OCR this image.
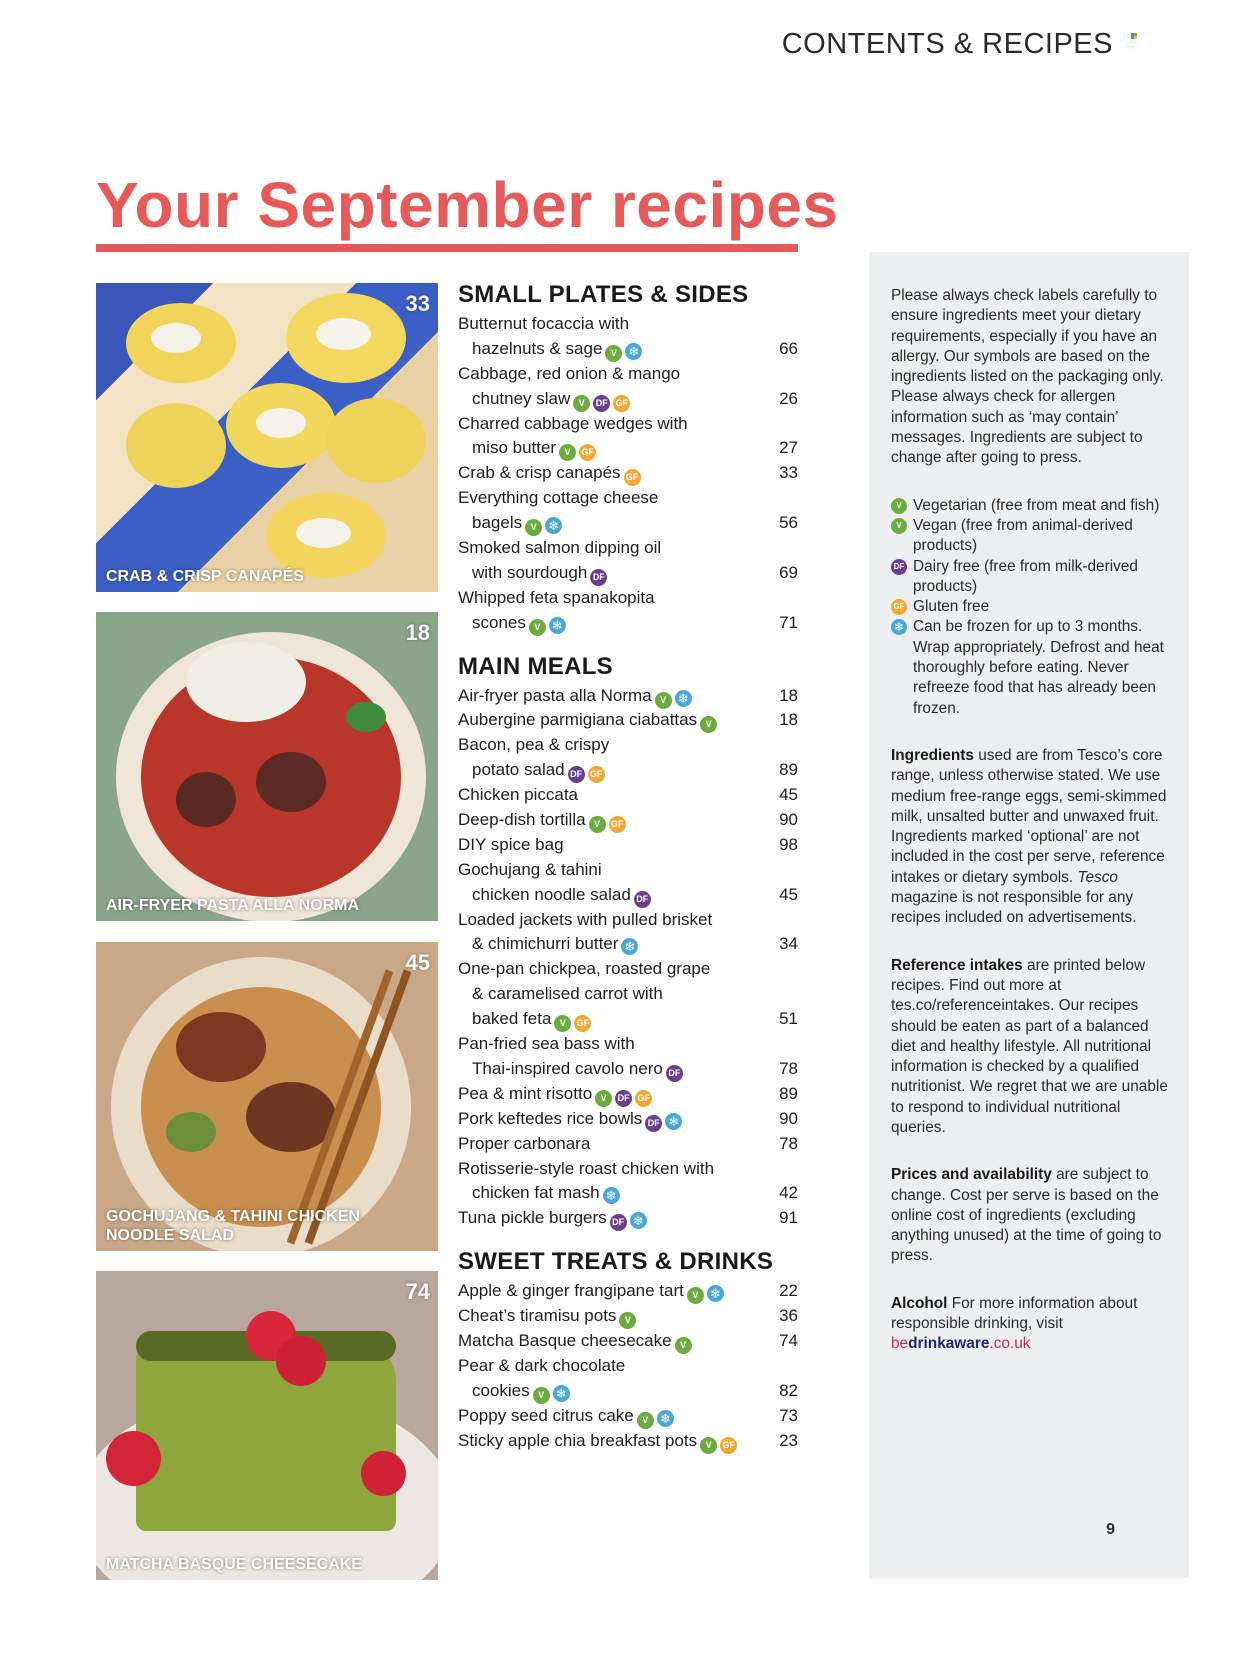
CONTENTS & RECIPES
Your September recipes
33
CRAB & CRISP CANAPÉS
18
AIR-FRYER PASTA ALLA NORMA
45
GOCHUJANG & TAHINI CHICKEN NOODLE SALAD
74
MATCHA BASQUE CHEESECAKE
SMALL PLATES & SIDES
Butternut focaccia with
hazelnuts & sage V ❄	66
Cabbage, red onion & mango
chutney slaw V DF GF	26
Charred cabbage wedges with
miso butter V GF	27
Crab & crisp canapés GF	33
Everything cottage cheese
bagels V ❄	56
Smoked salmon dipping oil
with sourdough DF	69
Whipped feta spanakopita
scones V ❄	71
MAIN MEALS
Air-fryer pasta alla Norma V ❄	18
Aubergine parmigiana ciabattas V	18
Bacon, pea & crispy
potato salad DF GF	89
Chicken piccata	45
Deep-dish tortilla V GF	90
DIY spice bag	98
Gochujang & tahini
chicken noodle salad DF	45
Loaded jackets with pulled brisket
& chimichurri butter ❄	34
One-pan chickpea, roasted grape
& caramelised carrot with
baked feta V GF	51
Pan-fried sea bass with
Thai-inspired cavolo nero DF	78
Pea & mint risotto V DF GF	89
Pork keftedes rice bowls DF ❄	90
Proper carbonara	78
Rotisserie-style roast chicken with
chicken fat mash ❄	42
Tuna pickle burgers DF ❄	91
SWEET TREATS & DRINKS
Apple & ginger frangipane tart V ❄	22
Cheat’s tiramisu pots V	36
Matcha Basque cheesecake V	74
Pear & dark chocolate
cookies V ❄	82
Poppy seed citrus cake V ❄	73
Sticky apple chia breakfast pots V GF	23

Please always check labels carefully to ensure ingredients meet your dietary requirements, especially if you have an allergy. Our symbols are based on the ingredients listed on the packaging only. Please always check for allergen information such as ‘may contain’ messages. Ingredients are subject to change after going to press.

V Vegetarian (free from meat and fish)
V Vegan (free from animal-derived products)
DF Dairy free (free from milk-derived products)
GF Gluten free
❄ Can be frozen for up to 3 months. Wrap appropriately. Defrost and heat thoroughly before eating. Never refreeze food that has already been frozen.

Ingredients used are from Tesco’s core range, unless otherwise stated. We use medium free-range eggs, semi-skimmed milk, unsalted butter and unwaxed fruit. Ingredients marked ‘optional’ are not included in the cost per serve, reference intakes or dietary symbols. Tesco magazine is not responsible for any recipes included on advertisements.

Reference intakes are printed below recipes. Find out more at tes.co/referenceintakes. Our recipes should be eaten as part of a balanced diet and healthy lifestyle. All nutritional information is checked by a qualified nutritionist. We regret that we are unable to respond to individual nutritional queries.

Prices and availability are subject to change. Cost per serve is based on the online cost of ingredients (excluding anything unused) at the time of going to press.

Alcohol For more information about responsible drinking, visit
bedrinkaware.co.uk

9
